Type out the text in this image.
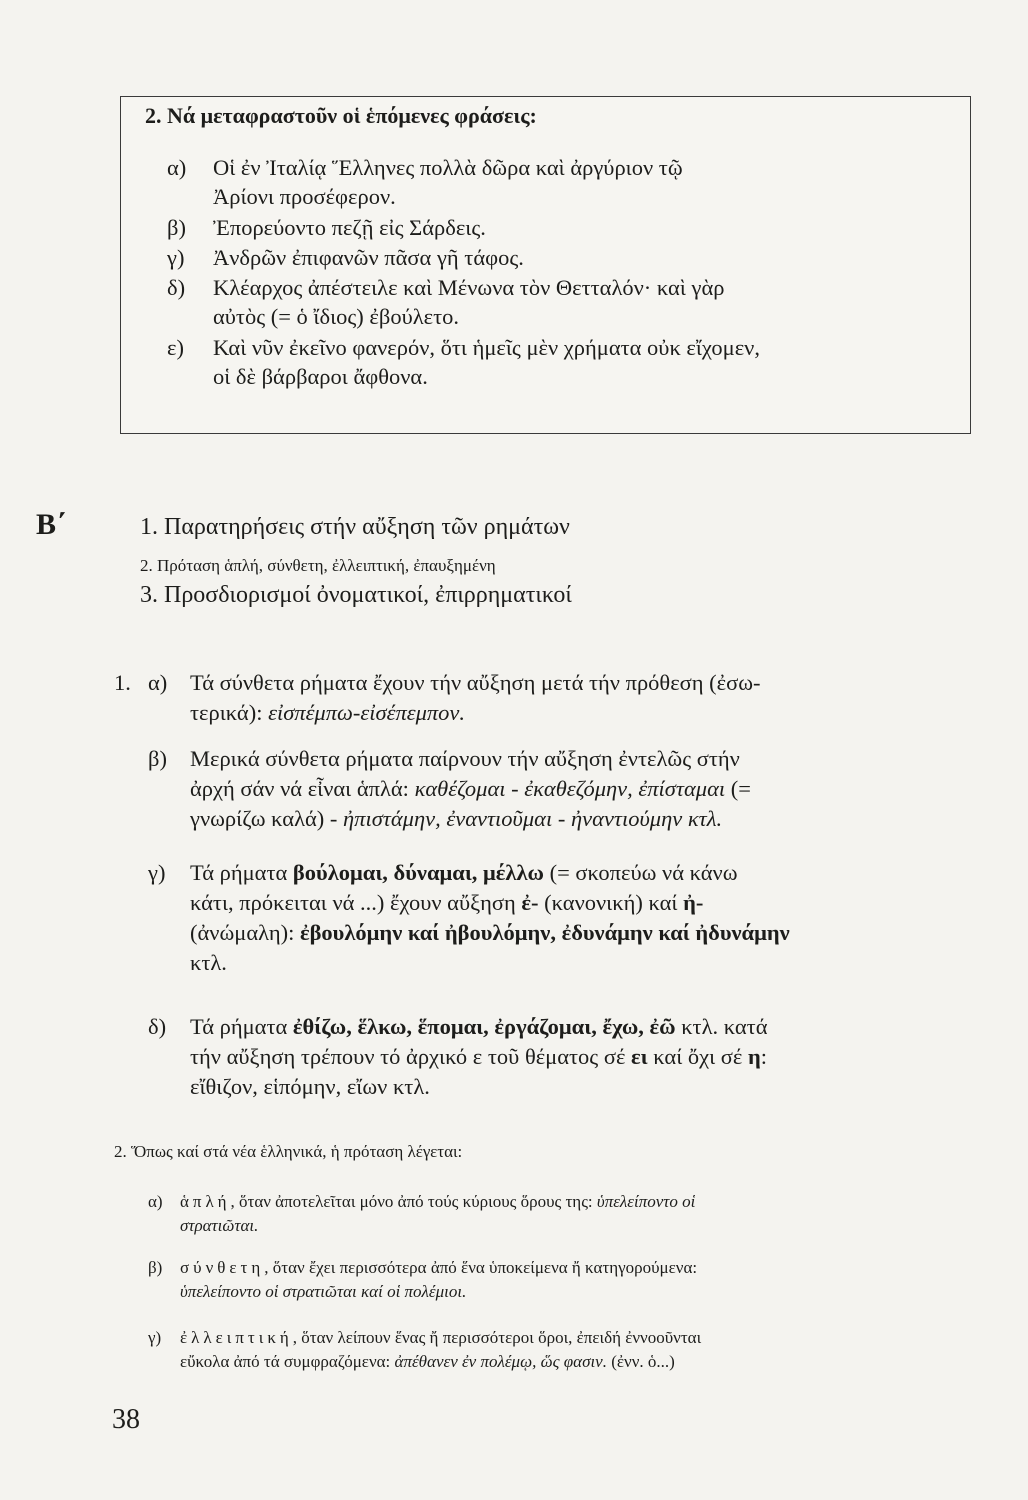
2. Νά μεταφραστοῦν οἱ ἑπόμενες φράσεις:
α) Οἱ ἐν Ἰταλίᾳ Ἕλληνες πολλὰ δῶρα καὶ ἀργύριον τῷ
Ἀρίονι προσέφερον.
β) Ἐπορεύοντο πεζῇ εἰς Σάρδεις.
γ) Ἀνδρῶν ἐπιφανῶν πᾶσα γῆ τάφος.
δ) Κλέαρχος ἀπέστειλε καὶ Μένωνα τὸν Θετταλόν· καὶ γὰρ
αὐτὸς (= ὁ ἴδιος) ἐβούλετο.
ε) Καὶ νῦν ἐκεῖνο φανερόν, ὅτι ἡμεῖς μὲν χρήματα οὐκ εἴχομεν,
οἱ δὲ βάρβαροι ἄφθονα.
Β΄	1. Παρατηρήσεις στήν αὔξηση τῶν ρημάτων
2. Πρόταση ἁπλή, σύνθετη, ἐλλειπτική, ἐπαυξημένη
3. Προσδιορισμοί ὀνοματικοί, ἐπιρρηματικοί
1. α) Τά σύνθετα ρήματα ἔχουν τήν αὔξηση μετά τήν πρόθεση (ἐσω-
τερικά): εἰσπέμπω-εἰσέπεμπον.
β) Μερικά σύνθετα ρήματα παίρνουν τήν αὔξηση ἐντελῶς στήν
ἀρχή σάν νά εἶναι ἁπλά: καθέζομαι - ἐκαθεζόμην, ἐπίσταμαι (=
γνωρίζω καλά) - ἠπιστάμην, ἐναντιοῦμαι - ἠναντιούμην κτλ.
γ) Τά ρήματα βούλομαι, δύναμαι, μέλλω (= σκοπεύω νά κάνω
κάτι, πρόκειται νά ...) ἔχουν αὔξηση ἐ- (κανονική) καί ἠ-
(ἀνώμαλη): ἐβουλόμην καί ἠβουλόμην, ἐδυνάμην καί ἠδυνάμην
κτλ.
δ) Τά ρήματα ἐθίζω, ἕλκω, ἕπομαι, ἐργάζομαι, ἔχω, ἐῶ κτλ. κατά
τήν αὔξηση τρέπουν τό ἀρχικό ε τοῦ θέματος σέ ει καί ὄχι σέ η:
εἴθιζον, εἱπόμην, εἴων κτλ.
2. Ὅπως καί στά νέα ἑλληνικά, ἡ πρόταση λέγεται:
α) ἁπλή, ὅταν ἀποτελεῖται μόνο ἀπό τούς κύριους ὅρους της: ὑπελείποντο οἱ
στρατιῶται.
β) σύνθετη, ὅταν ἔχει περισσότερα ἀπό ἕνα ὑποκείμενα ἤ κατηγορούμενα:
ὑπελείποντο οἱ στρατιῶται καί οἱ πολέμιοι.
γ) ἐλλειπτική, ὅταν λείπουν ἕνας ἤ περισσότεροι ὅροι, ἐπειδή ἐννοοῦνται
εὔκολα ἀπό τά συμφραζόμενα: ἀπέθανεν ἐν πολέμῳ, ὥς φασιν. (ἐνν. ὁ...)
38
